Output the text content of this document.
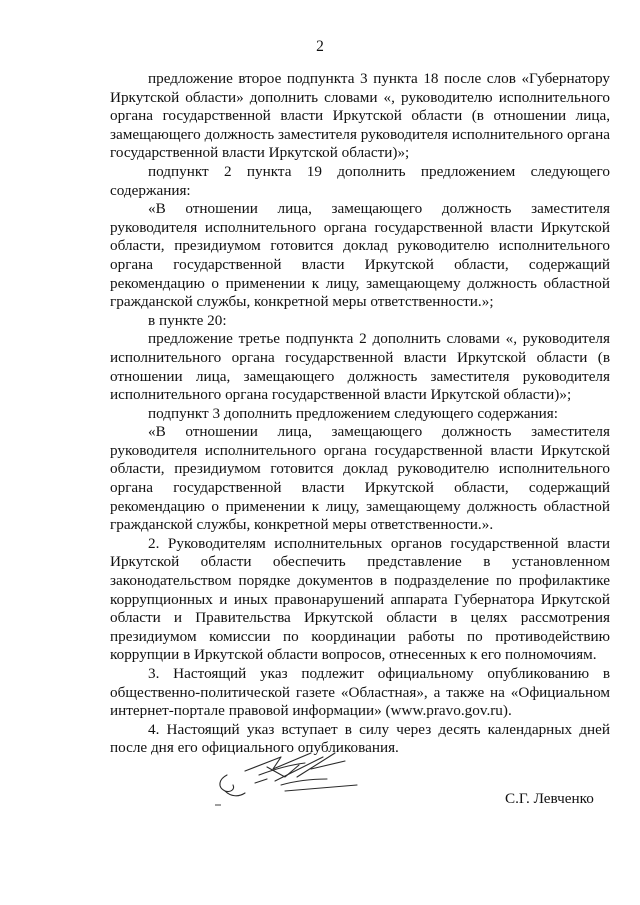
2

предложение второе подпункта 3 пункта 18 после слов «Губернатору Иркутской области» дополнить словами «, руководителю исполнительного органа государственной власти Иркутской области (в отношении лица, замещающего должность заместителя руководителя исполнительного органа государственной власти Иркутской области)»;

подпункт 2 пункта 19 дополнить предложением следующего содержания:

«В отношении лица, замещающего должность заместителя руководителя исполнительного органа государственной власти Иркутской области, президиумом готовится доклад руководителю исполнительного органа государственной власти Иркутской области, содержащий рекомендацию о применении к лицу, замещающему должность областной гражданской службы, конкретной меры ответственности.»;

в пункте 20:

предложение третье подпункта 2 дополнить словами «, руководителя исполнительного органа государственной власти Иркутской области (в отношении лица, замещающего должность заместителя руководителя исполнительного органа государственной власти Иркутской области)»;

подпункт 3 дополнить предложением следующего содержания:

«В отношении лица, замещающего должность заместителя руководителя исполнительного органа государственной власти Иркутской области, президиумом готовится доклад руководителю исполнительного органа государственной власти Иркутской области, содержащий рекомендацию о применении к лицу, замещающему должность областной гражданской службы, конкретной меры ответственности.».

2. Руководителям исполнительных органов государственной власти Иркутской области обеспечить представление в установленном законодательством порядке документов в подразделение по профилактике коррупционных и иных правонарушений аппарата Губернатора Иркутской области и Правительства Иркутской области в целях рассмотрения президиумом комиссии по координации работы по противодействию коррупции в Иркутской области вопросов, отнесенных к его полномочиям.

3. Настоящий указ подлежит официальному опубликованию в общественно-политической газете «Областная», а также на «Официальном интернет-портале правовой информации» (www.pravo.gov.ru).

4. Настоящий указ вступает в силу через десять календарных дней после дня его официального опубликования.

С.Г. Левченко
